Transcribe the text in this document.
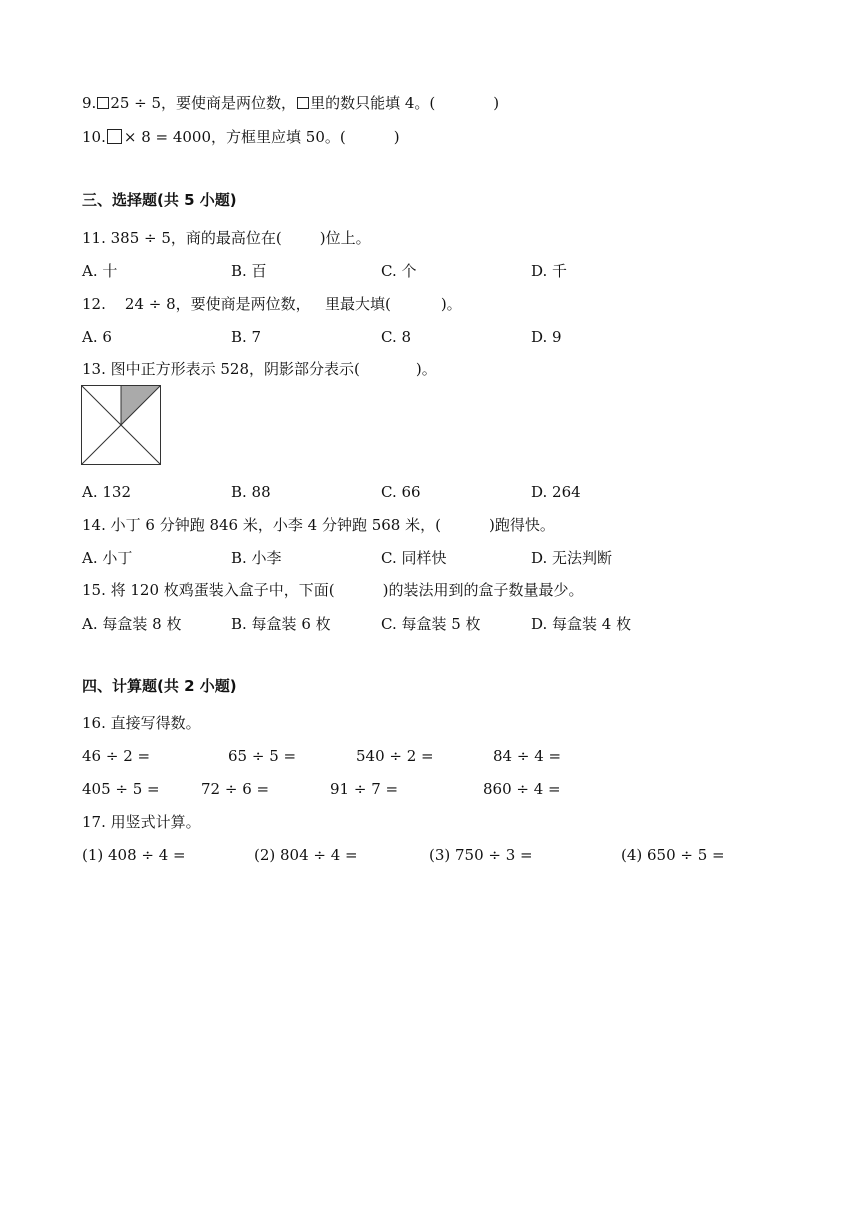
9. 25 ÷ 5，要使商是两位数， 里的数只能填 4。(	)
10. × 8 = 4000，方框里应填 50。(	)
三、选择题(共 5 小题)
11. 385 ÷ 5，商的最高位在(	)位上。
A. 十	B. 百	C. 个	D. 千
12.    24 ÷ 8，要使商是两位数，   里最大填(	)。
A. 6	B. 7	C. 8	D. 9
13. 图中正方形表示 528，阴影部分表示(	)。
A. 132	B. 88	C. 66	D. 264
14. 小丁 6 分钟跑 846 米，小李 4 分钟跑 568 米，(	)跑得快。
A. 小丁	B. 小李	C. 同样快	D. 无法判断
15. 将 120 枚鸡蛋装入盒子中，下面(	)的装法用到的盒子数量最少。
A. 每盒装 8 枚	B. 每盒装 6 枚	C. 每盒装 5 枚	D. 每盒装 4 枚
四、计算题(共 2 小题)
16. 直接写得数。
46 ÷ 2 =	65 ÷ 5 =	540 ÷ 2 =	84 ÷ 4 =
405 ÷ 5 =	72 ÷ 6 =	91 ÷ 7 =	860 ÷ 4 =
17. 用竖式计算。
(1) 408 ÷ 4 =	(2) 804 ÷ 4 =	(3) 750 ÷ 3 =	(4) 650 ÷ 5 =
